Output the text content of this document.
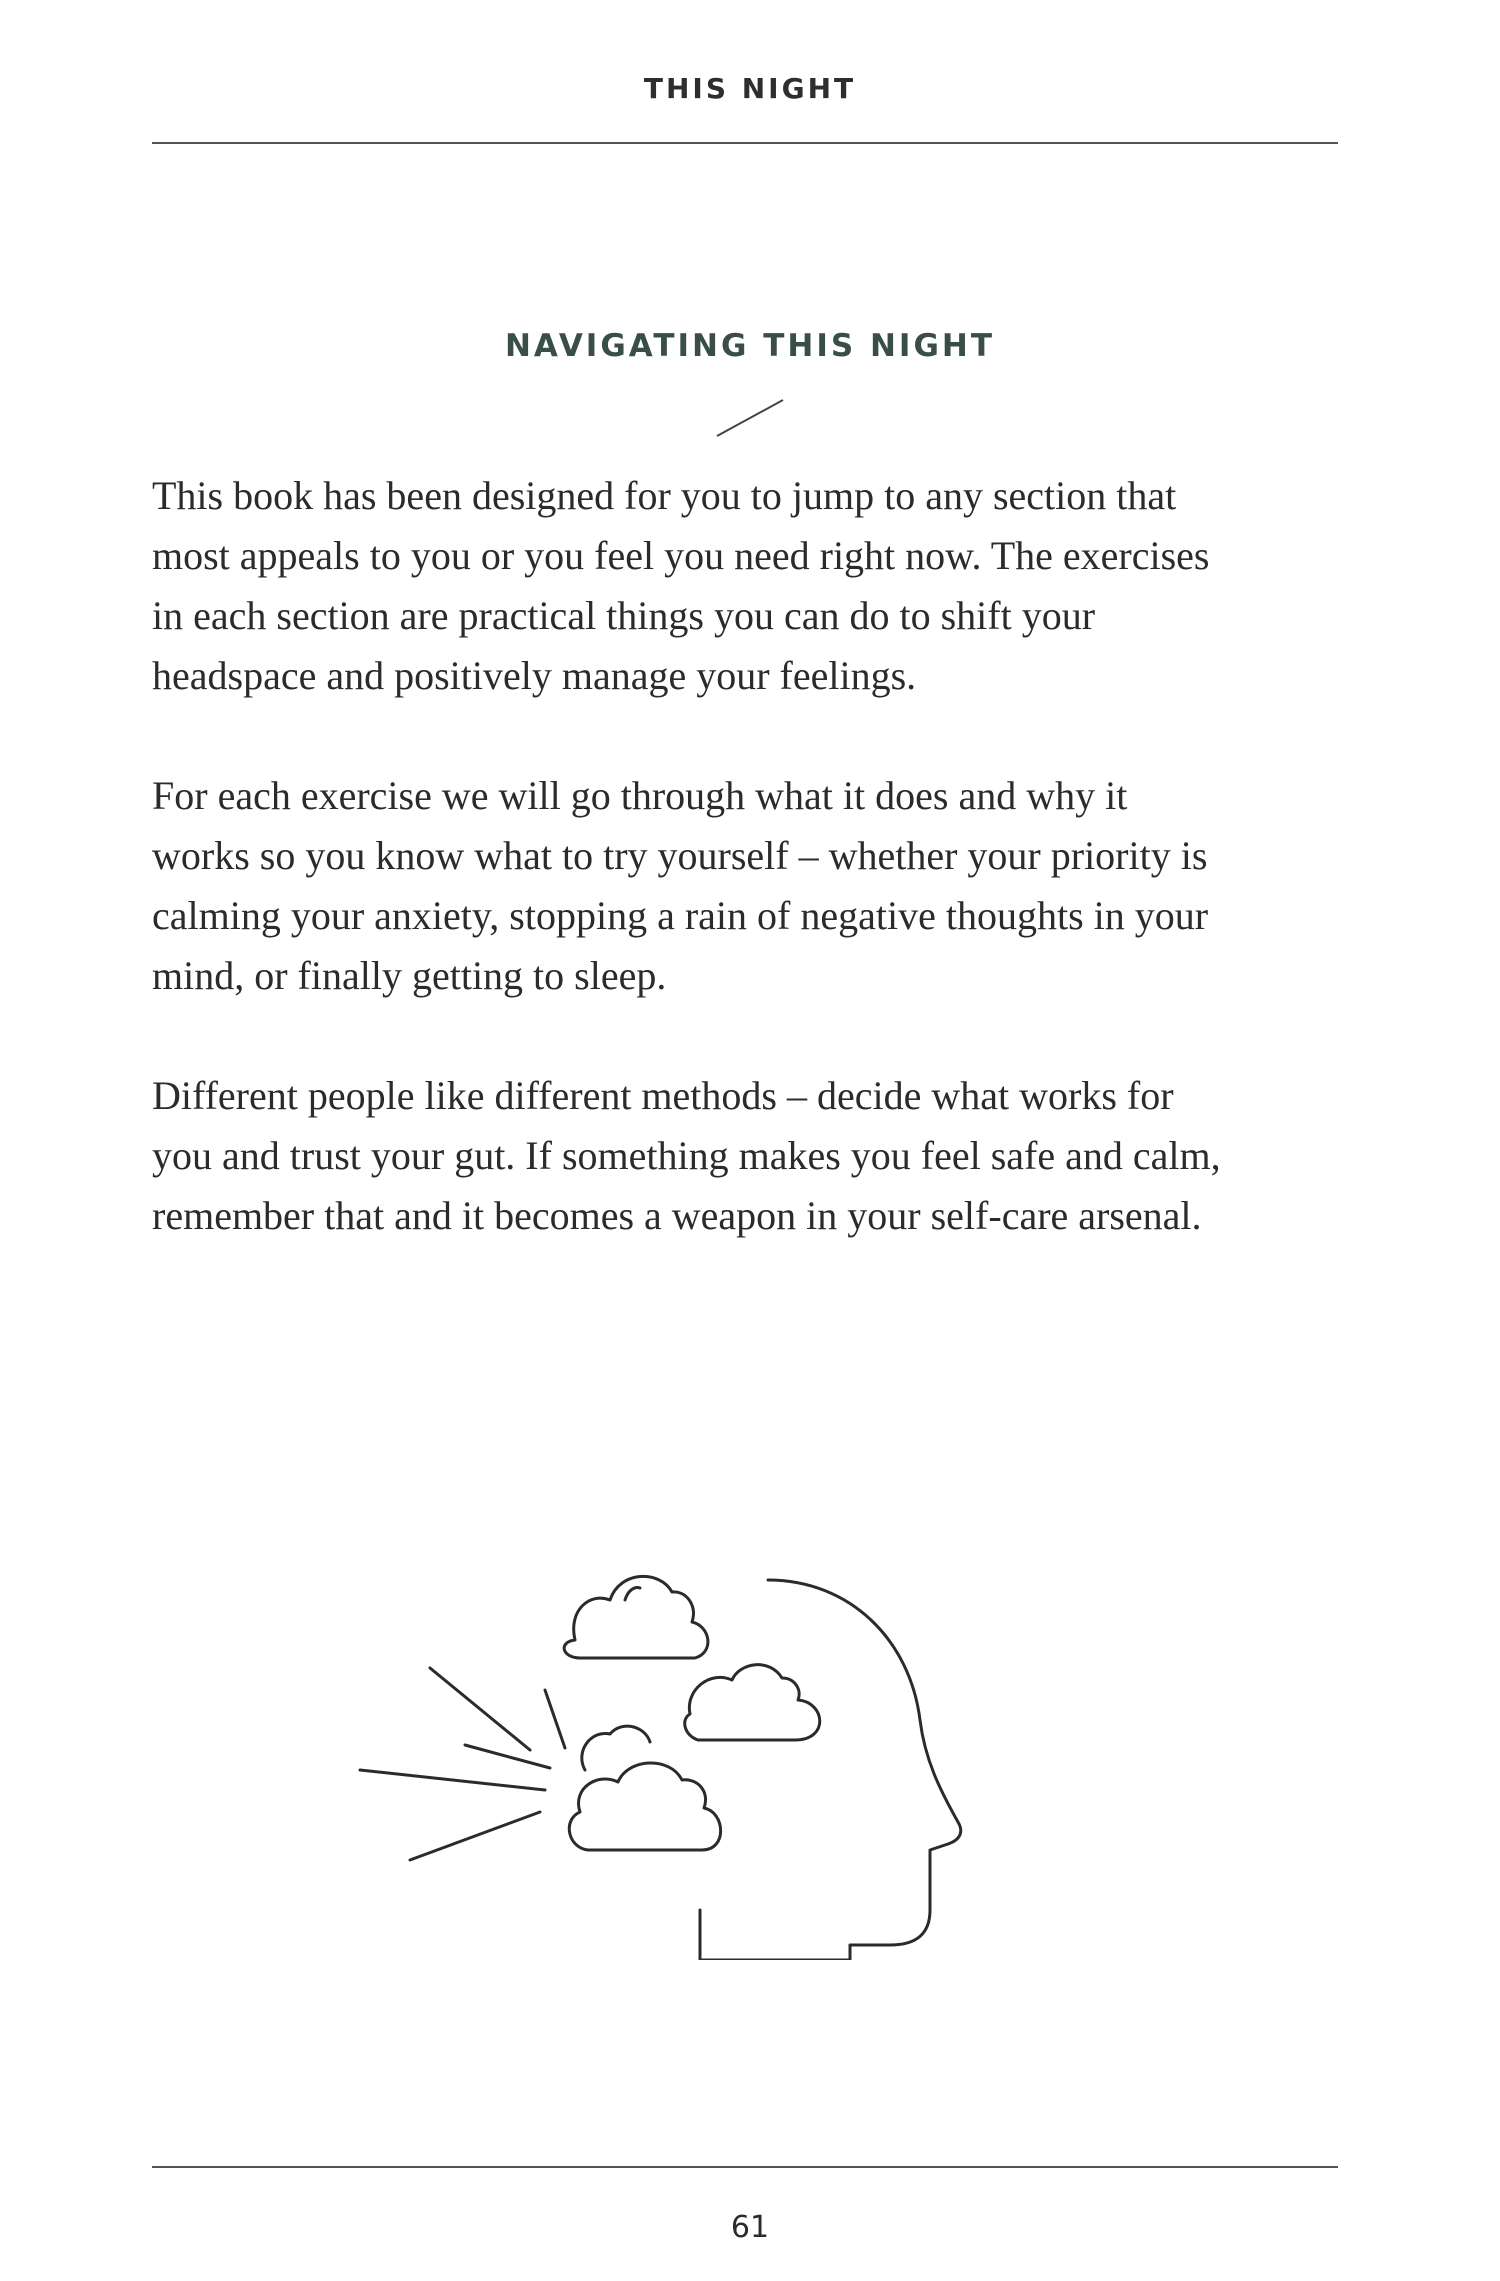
THIS NIGHT
NAVIGATING THIS NIGHT

This book has been designed for you to jump to any section that
most appeals to you or you feel you need right now. The exercises
in each section are practical things you can do to shift your
headspace and positively manage your feelings.

For each exercise we will go through what it does and why it
works so you know what to try yourself – whether your priority is
calming your anxiety, stopping a rain of negative thoughts in your
mind, or finally getting to sleep.

Different people like different methods – decide what works for
you and trust your gut. If something makes you feel safe and calm,
remember that and it becomes a weapon in your self-care arsenal.

61
